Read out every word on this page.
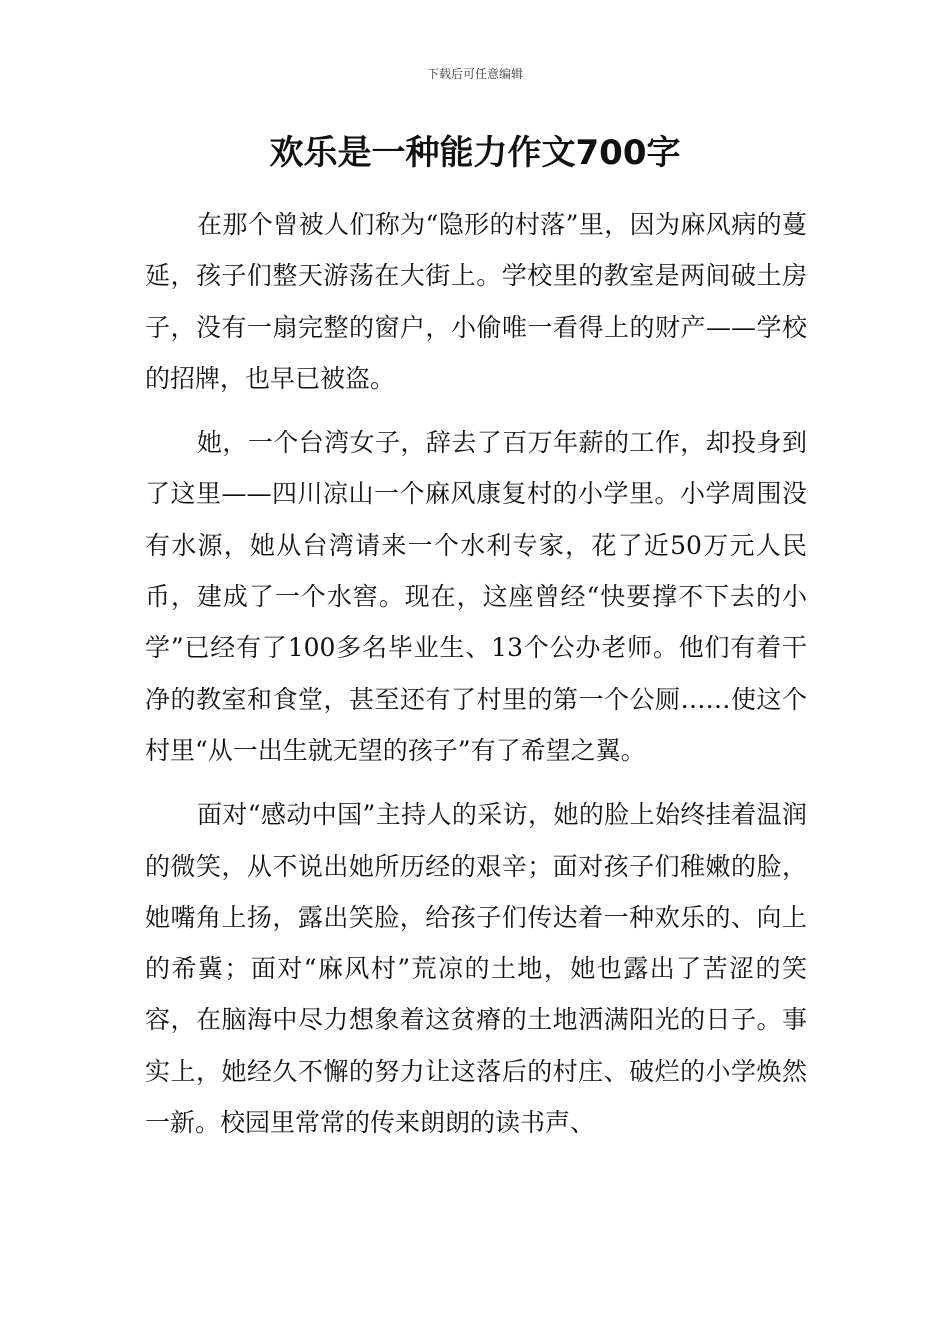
下载后可任意编辑
欢乐是一种能力作文700字

在那个曾被人们称为“隐形的村落”里，因为麻风病的蔓延，孩子们整天游荡在大街上。学校里的教室是两间破土房子，没有一扇完整的窗户，小偷唯一看得上的财产——学校的招牌，也早已被盗。

她，一个台湾女子，辞去了百万年薪的工作，却投身到了这里——四川凉山一个麻风康复村的小学里。小学周围没有水源，她从台湾请来一个水利专家，花了近50万元人民币，建成了一个水窖。现在，这座曾经“快要撑不下去的小学”已经有了100多名毕业生、13个公办老师。他们有着干净的教室和食堂，甚至还有了村里的第一个公厕……使这个村里“从一出生就无望的孩子”有了希望之翼。

面对“感动中国”主持人的采访，她的脸上始终挂着温润的微笑，从不说出她所历经的艰辛；面对孩子们稚嫩的脸，她嘴角上扬，露出笑脸，给孩子们传达着一种欢乐的、向上的希冀；面对“麻风村”荒凉的土地，她也露出了苦涩的笑容，在脑海中尽力想象着这贫瘠的土地洒满阳光的日子。事实上，她经久不懈的努力让这落后的村庄、破烂的小学焕然一新。校园里常常的传来朗朗的读书声、
